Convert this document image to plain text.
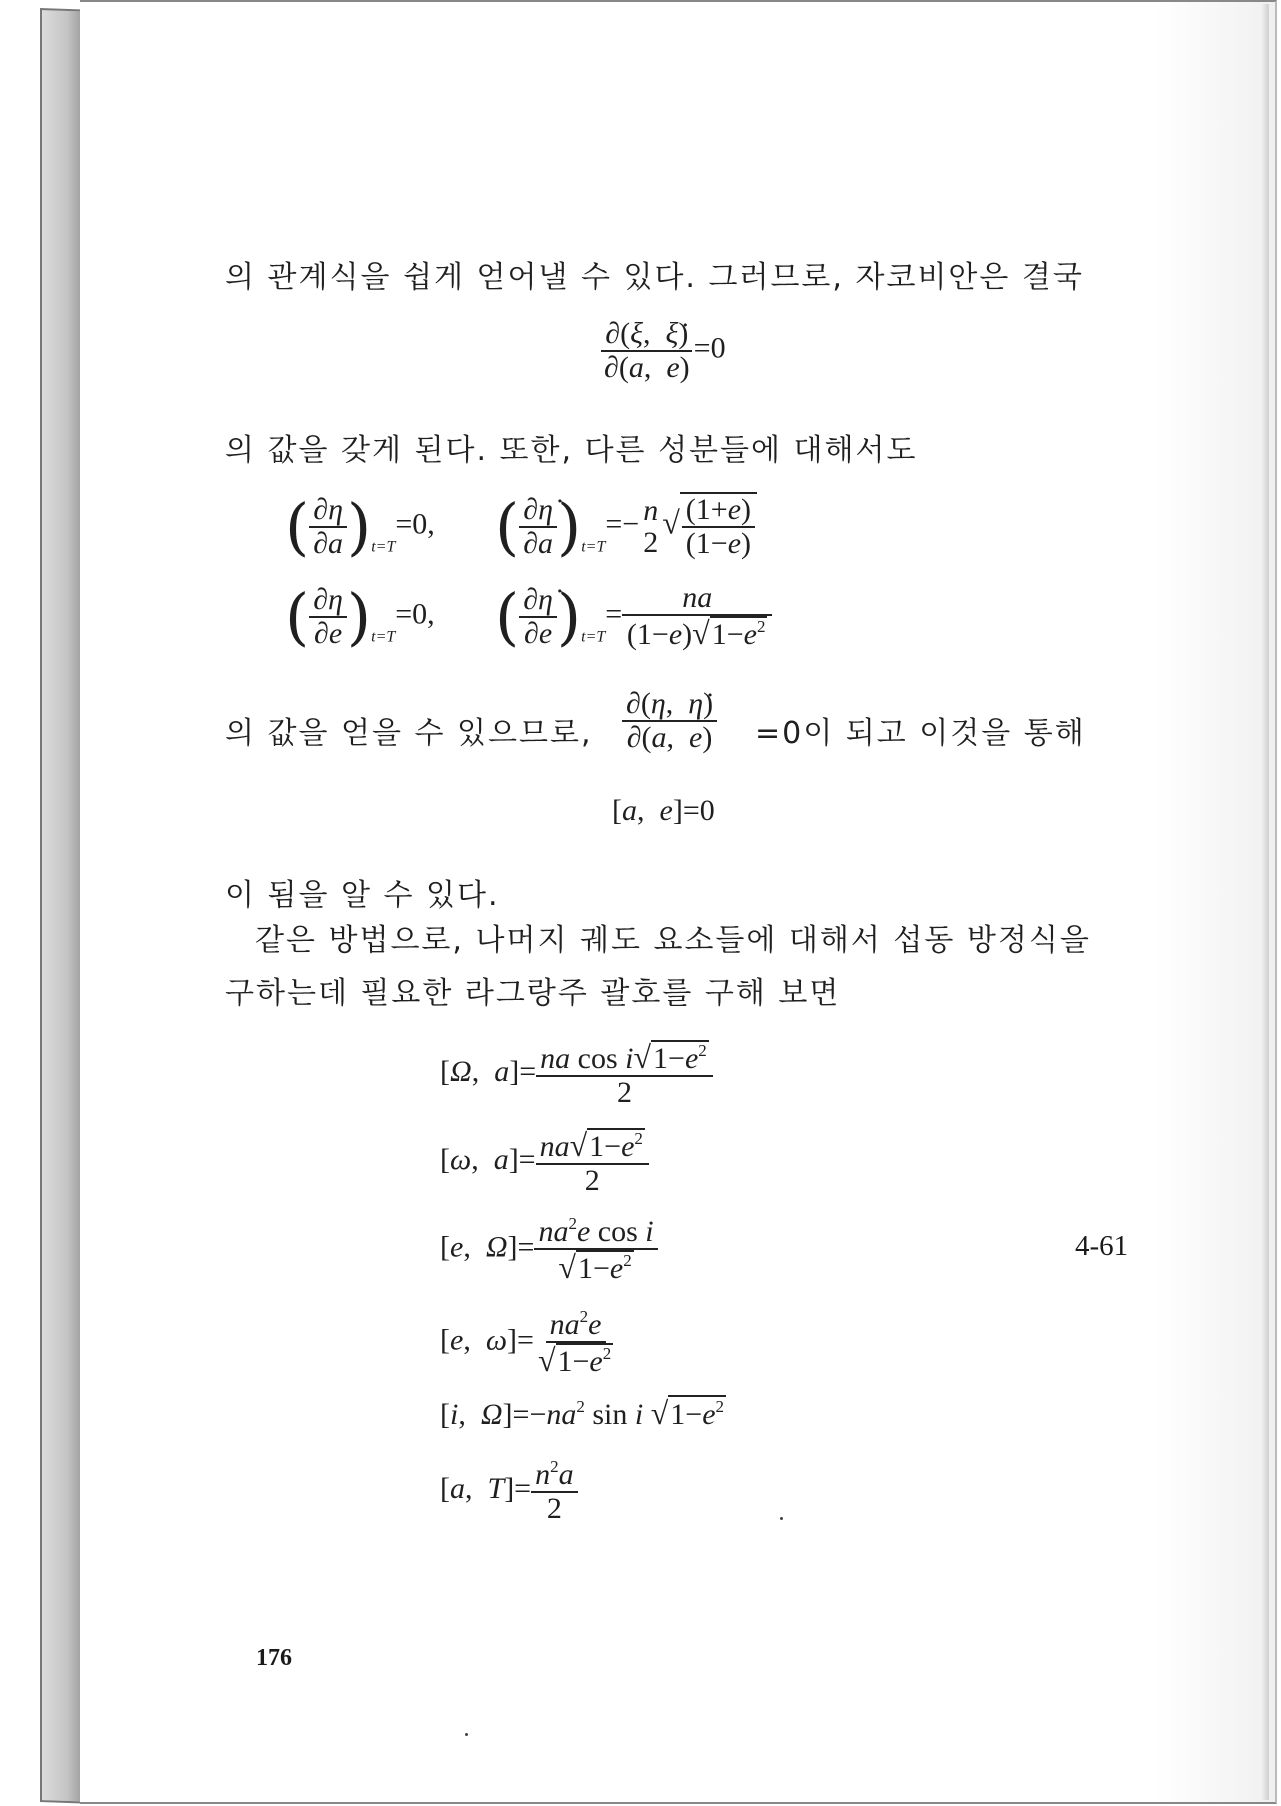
의 관계식을 쉽게 얻어낼 수 있다. 그러므로, 자코비안은 결국
$\frac{\partial(\xi, \xi̇)}{\partial(a, e)} =0$
의 값을 갖게 된다. 또한, 다른 성분들에 대해서도
( $\frac{\partial\eta}{\partial a} )_{t=T}=0$, ( $\frac{\partial\etȧ}{\partial a} )_{t=T}=- n$
2
√ $\frac{(1+e)}{(1-e)}$
( $\frac{\partial\eta}{\partial e} )_{t=T}=0$, ( $\frac{\partial\etȧ}{\partial e} )_{t=T}= \frac{na}{(1-e)√1-e^2}$
의 값을 얻을 수 있으므로, $\frac{\partial(\eta, \etȧ)}{\partial(a, e)} =0$이 되고 이것을 통해
[a,  e]=0
이 됨을 알 수 있다.
같은 방법으로, 나머지 궤도 요소들에 대해서 섭동 방정식을
구하는데 필요한 라그랑주 괄호를 구해 보면
[Ω,  $a]= \frac{na \cos i√1-e^2}{2}$
[ω,  $a]= \frac{na√1-e^2}{2}$
[e,  $\Omega]= \frac{na^2e \cos i}{√1-e^2}$	4-61
[e,  $\omega]= \frac{na^2e}{√1-e^2}$
[i,  $\Omega]=-na^2$ sin i $√1-e^2$
[a,  $T]= \frac{n^2a}{2}$
176
